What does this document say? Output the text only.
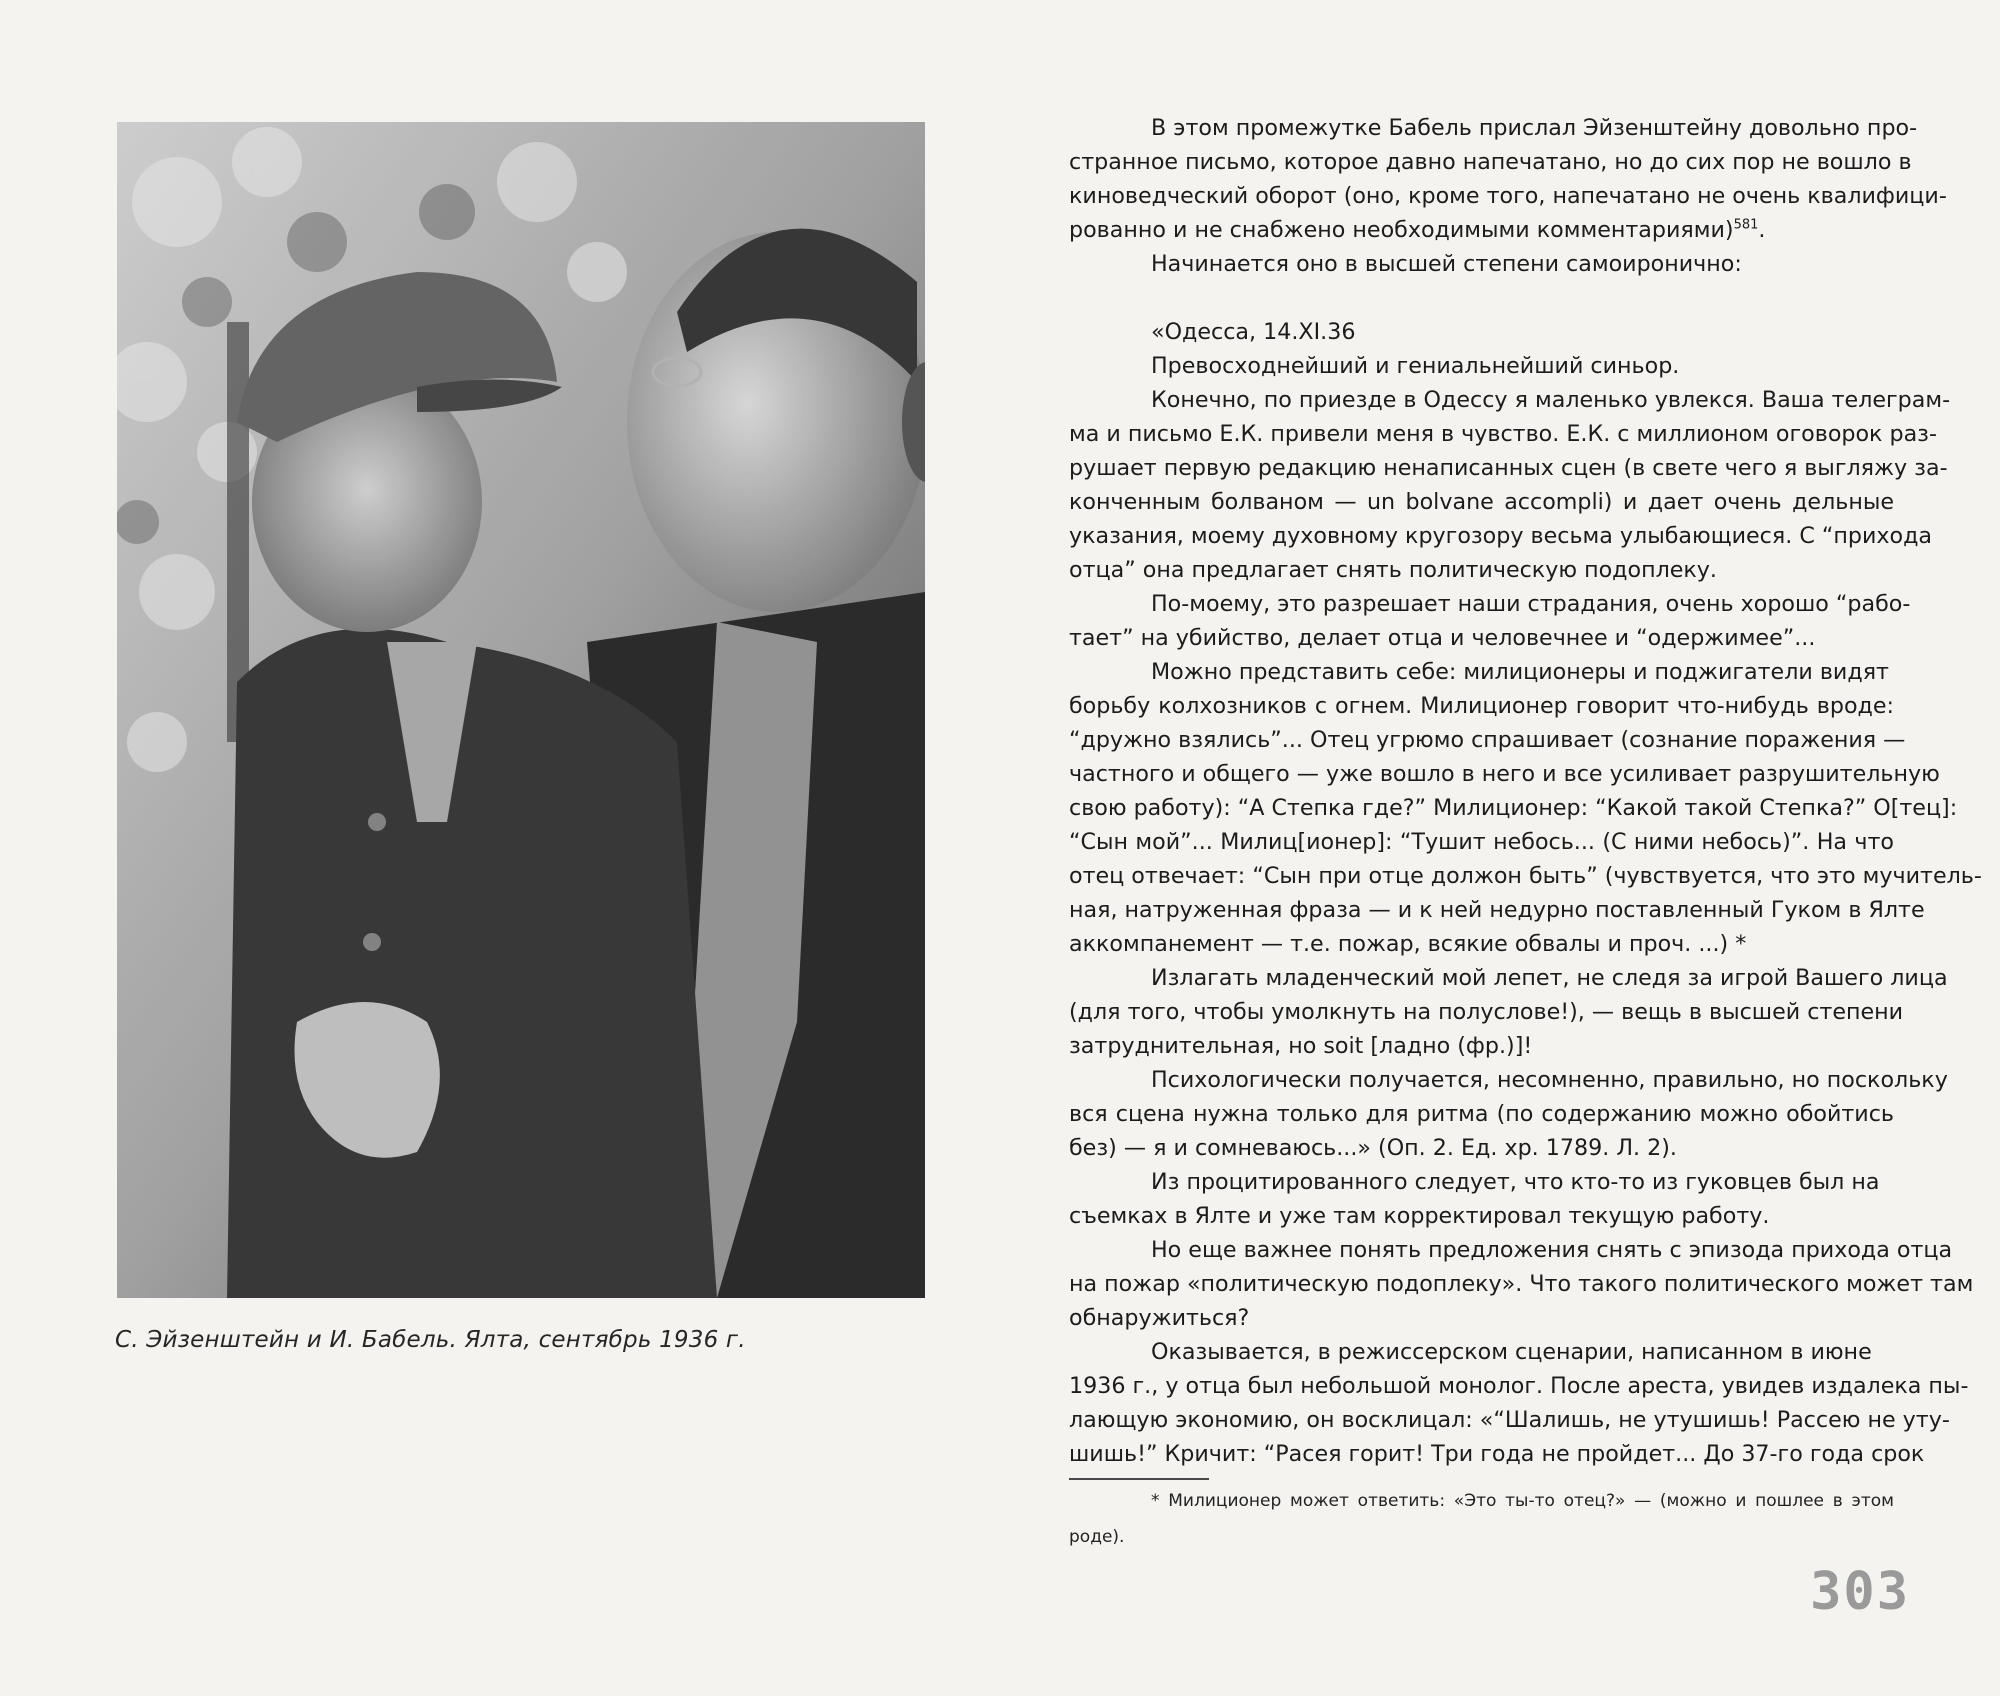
С. Эйзенштейн и И. Бабель. Ялта, сентябрь 1936 г.
В этом промежутке Бабель прислал Эйзенштейну довольно про-
странное письмо, которое давно напечатано, но до сих пор не вошло в
киноведческий оборот (оно, кроме того, напечатано не очень квалифици-
рованно и не снабжено необходимыми комментариями)$^{581}$.
Начинается оно в высшей степени самоиронично:
«Одесса, 14.XI.36
Превосходнейший и гениальнейший синьор.
Конечно, по приезде в Одессу я маленько увлекся. Ваша телеграм-
ма и письмо Е.К. привели меня в чувство. Е.К. с миллионом оговорок раз-
рушает первую редакцию ненаписанных сцен (в свете чего я выгляжу за-
конченным болваном — un bolvane accompli) и дает очень дельные
указания, моему духовному кругозору весьма улыбающиеся. С “прихода
отца” она предлагает снять политическую подоплеку.
По-моему, это разрешает наши страдания, очень хорошо “рабо-
тает” на убийство, делает отца и человечнее и “одержимее”...
Можно представить себе: милиционеры и поджигатели видят
борьбу колхозников с огнем. Милиционер говорит что-нибудь вроде:
“дружно взялись”... Отец угрюмо спрашивает (сознание поражения —
частного и общего — уже вошло в него и все усиливает разрушительную
свою работу): “А Степка где?” Милиционер: “Какой такой Степка?” О[тец]:
“Сын мой”... Милиц[ионер]: “Тушит небось... (С ними небось)”. На что
отец отвечает: “Сын при отце должон быть” (чувствуется, что это мучитель-
ная, натруженная фраза — и к ней недурно поставленный Гуком в Ялте
аккомпанемент — т.е. пожар, всякие обвалы и проч. ...) *
Излагать младенческий мой лепет, не следя за игрой Вашего лица
(для того, чтобы умолкнуть на полуслове!), — вещь в высшей степени
затруднительная, но soit [ладно (фр.)]!
Психологически получается, несомненно, правильно, но поскольку
вся сцена нужна только для ритма (по содержанию можно обойтись
без) — я и сомневаюсь...» (Оп. 2. Ед. хр. 1789. Л. 2).
Из процитированного следует, что кто-то из гуковцев был на
съемках в Ялте и уже там корректировал текущую работу.
Но еще важнее понять предложения снять с эпизода прихода отца
на пожар «политическую подоплеку». Что такого политического может там
обнаружиться?
Оказывается, в режиссерском сценарии, написанном в июне
1936 г., у отца был небольшой монолог. После ареста, увидев издалека пы-
лающую экономию, он восклицал: «“Шалишь, не утушишь! Рассею не уту-
шишь!” Кричит: “Расея горит! Три года не пройдет... До 37-го года срок
* Милиционер может ответить: «Это ты-то отец?» — (можно и пошлее в этом
роде).
303
